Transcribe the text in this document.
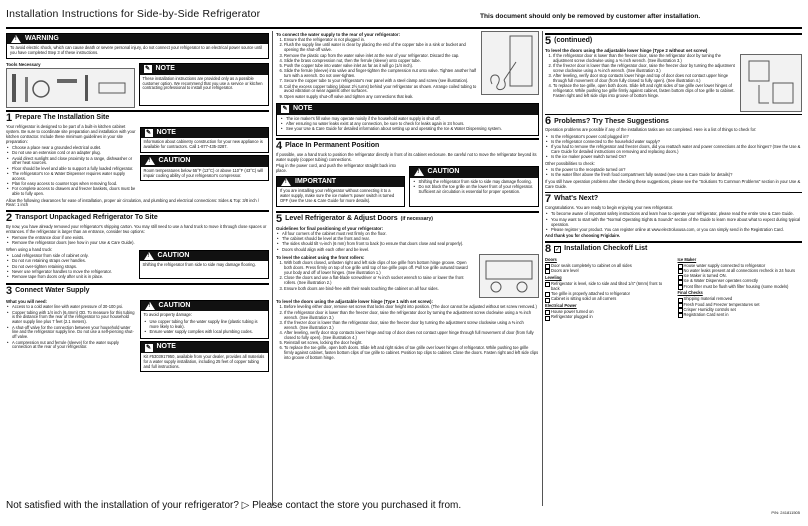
Installation Instructions for Side-by-Side Refrigerator	This document should only be removed by customer after installation.
!
WARNING
To avoid electric shock, which can cause death or severe personal injury, do not connect your refrigerator to an electrical power source until you have completed Step 3 of these instructions.
Tools Necessary
✎ NOTE
These installation instructions are provided only as a possible customer option. We recommend that you use a service or kitchen contracting professional to install your refrigerator.
1 Prepare The Installation Site

Your refrigerator is designed to be part of a built-in kitchen cabinet system. Be sure to coordinate site preparation and installation with your kitchen contractor. Include these minimum guidelines in your site preparation:

• Choose a place near a grounded electrical outlet.
• Do not use an extension cord or an adapter plug.
• Avoid direct sunlight and close proximity to a range, dishwasher or other heat sources.
• Floor should be level and able to support a fully loaded refrigerator.
• The refrigerator's Ice & Water Dispenser requires water supply access.
• Plan for easy access to counter tops when removing food.
• For complete access to drawers and freezer baskets, doors must be able to fully open.
✎ NOTE
Information about cabinetry construction for your new appliance is available for contractors. Call 1-877-435-3287.
!
CAUTION
Room temperatures below 55°F (13°C) or above 110°F (43°C) will impair cooling ability of your refrigerator's compressor.

Allow the following clearances for ease of installation, proper air circulation, and plumbing and electrical connections: Sides & Top: 3/8 inch / Rear: 1 inch

2 Transport Unpackaged Refrigerator To Site

By now, you have already removed your refrigerator's shipping carton. You may still need to use a hand truck to move it through close spaces or entrances. If the refrigerator is larger than an entrance, consider two options:

• Remove the entrance door if one exists.
• Remove the refrigerator doors (see how in your Use & Care Guide).

When using a hand truck:

• Load refrigerator from side of cabinet only.
• Do not run retaining straps over handles.
• Do not over-tighten retaining straps.
• Never use refrigerator handles to move the refrigerator.
• Remove tape from doors only after unit is in place.
!
CAUTION
Shifting the refrigerator from side to side may damage flooring.
3 Connect Water Supply
What you will need:
• Access to a cold water line with water pressure of 30-100 psi.
• Copper tubing with 1/4 inch (6.4mm) OD. To measure for this tubing is the distance from the rear of the refrigerator to your household water supply line plus 7 feet (2.1 meters).
• A shut-off valve for the connection between your household water line and the refrigerator supply line. Do not use a self-piercing shut-off valve.
• A compression nut and ferrule (sleeve) for the water supply connection at the rear of your refrigerator.
!
CAUTION

To avoid property damage:

• Use copper tubing for the water supply line (plastic tubing is more likely to leak).
• Ensure water supply complies with local plumbing codes.
✎ NOTE
Kit #5303917950, available from your dealer, provides all materials for a water supply installation, including 25 feet of copper tubing and full instructions.
To connect the water supply to the rear of your refrigerator:
1. Ensure that the refrigerator is not plugged in.
2. Flush the supply line until water is clear by placing the end of the copper tube in a sink or bucket and opening the shut-off valve.
3. Remove the plastic cap from the water valve inlet at the rear of your refrigerator. Discard the cap.
4. Slide the brass compression nut, then the ferrule (sleeve) onto copper tube.
5. Push the copper tube into water valve inlet as far as it will go (1/4 inch).
6. Slide the ferrule (sleeve) into valve and finger-tighten the compression nut onto valve. Tighten another half turn with a wrench. Do not over-tighten.
7. Secure the copper tube to your refrigerator's rear panel with a steel clamp and screw (see illustration).
8. Coil the excess copper tubing (about 2½ turns) behind your refrigerator as shown. Arrange coiled tubing to avoid vibration or wear against other surfaces.
9. Open water supply shut-off valve and tighten any connections that leak.
✎ NOTE
• The ice maker's fill valve may operate noisily if the household water supply is shut off.
• After ensuring no water leaks exist at any connection, be sure to check for leaks again in 24 hours.
• See your Use & Care Guide for detailed information about setting up and operating the Ice & Water Dispensing system.
4 Place In Permanent Position

If possible, use a hand truck to position the refrigerator directly in front of its cabinet enclosure. Be careful not to move the refrigerator beyond its water supply (copper tubing) connections.

Plug in the power cord, and push the refrigerator straight back into place.

!
IMPORTANT
If you are installing your refrigerator without connecting it to a water supply, make sure the ice maker's power switch is turned OFF (see the Use & Care Guide for more details).
!
CAUTION
• Shifting the refrigerator from side to side may damage flooring.
• Do not block the toe grille on the lower front of your refrigerator. Sufficient air circulation is essential for proper operation.
5 Level Refrigerator & Adjust Doors (if necessary)
Guidelines for final positioning of your refrigerator:
• All four corners of the cabinet must rest firmly on the floor.
• The cabinet should be level at the front and rear.
• The sides should tilt ¼-inch (6 mm) from front to back (to ensure that doors close and seal properly).
• Doors should align with each other and be level.
To level the cabinet using the front rollers:
1. With both doors closed, unfasten right and left side clips of toe grille from bottom hinge groove. Open both doors. Press firmly on top of toe grille until top of toe grille pops off. Pull toe grille outward toward your body and off of lower hinges. (See illustration 1.)
2. Close the doors and use a flat-blade screwdriver or ⅜ inch socket wrench to raise or lower the front rollers. (See illustration 2.)
3. Ensure both doors are bind-free with their seals touching the cabinet on all four sides.
To level the doors using the adjustable lower hinge (Type 1 with set screw):
1. Before leveling either door, remove set screw that locks door height into position. (The door cannot be adjusted without set screw removed.)
2. If the refrigerator door is lower than the freezer door, raise the refrigerator door by turning the adjustment screw clockwise using a ⅜ inch wrench. (See illustration 3.)
3. If the freezer door is lower than the refrigerator door, raise the freezer door by turning the adjustment screw clockwise using a ⅜ inch wrench. (See illustration 3.)
4. After leveling, verify door stop contacts lower hinge and top of door does not contact upper hinge through full movement of door (from fully closed to fully open). (See illustration 4.)
5. Reinstall set screw, locking the door height.
6. To replace the toe grille, open both doors. Slide left and right sides of toe grille over lower hinges of refrigerator. While pushing toe grille firmly against cabinet, fasten bottom clips of toe grille to cabinet. Position top clips to cabinet. Close the doors. Fasten right and left side clips into groove of bottom hinge.
5 (continued)
To level the doors using the adjustable lower hinge (Type 2 without set screw)
1. If the refrigerator door is lower than the freezer door, raise the refrigerator door by turning the adjustment screw clockwise using a ⅜ inch wrench. (See illustration 3.)
2. If the freezer door is lower than the refrigerator door, raise the freezer door by turning the adjustment screw clockwise using a ⅜ inch wrench. (See illustration 3.)
3. After leveling, verify door stop contacts lower hinge and top of door does not contact upper hinge through full movement of door (from fully closed to fully open). (See illustration 4.)
4. To replace the toe grille, open both doors. Slide left and right sides of toe grille over lower hinges of refrigerator. While pushing toe grille firmly against cabinet, fasten bottom clips of toe grille to cabinet. Fasten right and left side clips into groove of bottom hinge.
6 Problems? Try These Suggestions

Operation problems are possible if any of the installation tasks are not completed. Here is a list of things to check for:

• Is the refrigerator's power cord plugged in?
• Is the refrigerator connected to the household water supply?
• If you had to remove the refrigerator and freezer doors, did you reattach water and power connections at the door hinges? (See the Use & Care Guide for detailed instructions on removing and replacing doors.)
• Is the ice maker power switch turned On?

Other possibilities to check:

• Is the power to the receptacle turned on?
• Is the water filter above the fresh food compartment fully seated (see Use & Care Guide for details)?

If you still have operation problems after checking these suggestions, please see the "Solutions To Common Problems" section in your Use & Care Guide.

7 What's Next?

Congratulations. You are ready to begin enjoying your new refrigerator.

• To become aware of important safety instructions and learn how to operate your refrigerator, please read the entire Use & Care Guide.
• You may want to start with the "Normal Operating Sights & Sounds" section of the Guide to learn more about what to expect during typical operation.
• Please register your product. You can register online at www.electroluxusa.com, or you can simply send in the Registration Card.

And thank you for choosing Frigidaire.

8 ✓ Installation Checkoff List
Doors
Door seals completely to cabinet on all sides
Doors are level
Leveling
Refrigerator is level, side to side and tilted 1/4" (6mm) front to back
Toe grille is properly attached to refrigerator
Cabinet is sitting solid on all corners
Electrical Power
House power turned on
Refrigerator plugged in
Ice Maker
House water supply connected to refrigerator
No water leaks present at all connections recheck in 24 hours
Ice Maker is turned ON.
Ice & Water Dispenser operates correctly
Front filter must be flush with filter housing (some models)
Final Checks
Shipping material removed
Fresh Food and Freezer temperatures set
Crisper Humidity controls set
Registration Card sent in
Not satisfied with the installation of your refrigerator? ▷ Please contact the store you purchased it from.
P/N: 241811505
